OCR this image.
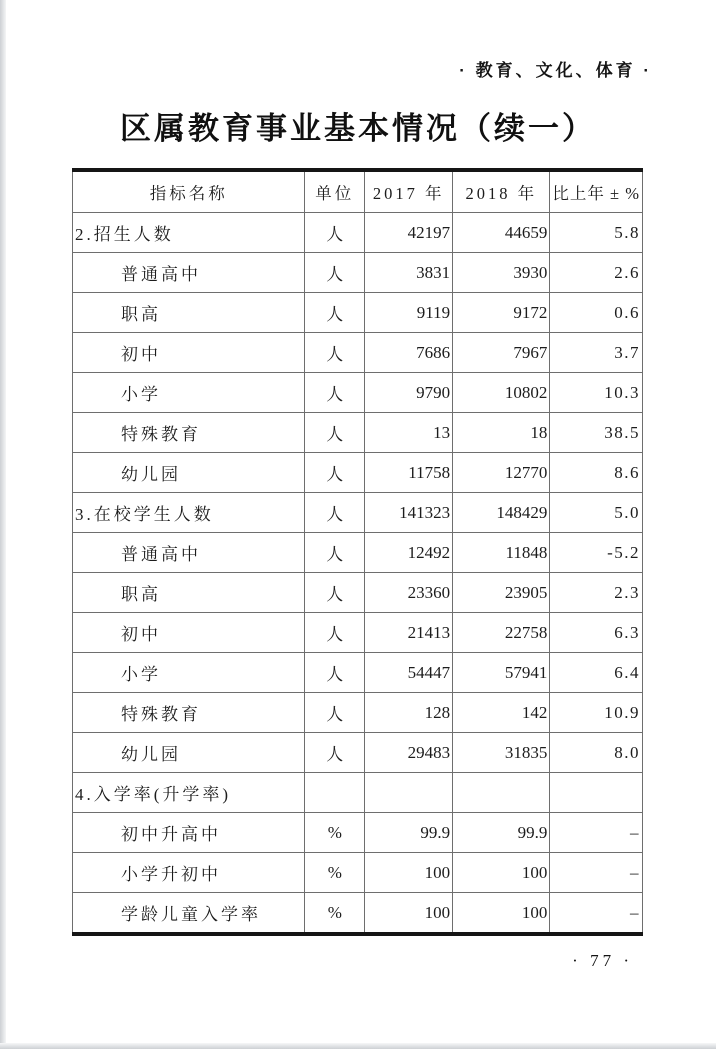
· 教育、文化、体育 ·
区属教育事业基本情况（续一）
指标名称	单位	2017 年	2018 年	比上年 ± %
2.招生人数	人	42197	44659	5.8
普通高中	人	3831	3930	2.6
职高	人	9119	9172	0.6
初中	人	7686	7967	3.7
小学	人	9790	10802	10.3
特殊教育	人	13	18	38.5
幼儿园	人	11758	12770	8.6
3.在校学生人数	人	141323	148429	5.0
普通高中	人	12492	11848	-5.2
职高	人	23360	23905	2.3
初中	人	21413	22758	6.3
小学	人	54447	57941	6.4
特殊教育	人	128	142	10.9
幼儿园	人	29483	31835	8.0
4.入学率(升学率)				
初中升高中	%	99.9	99.9	–
小学升初中	%	100	100	–
学龄儿童入学率	%	100	100	–
· 77 ·
